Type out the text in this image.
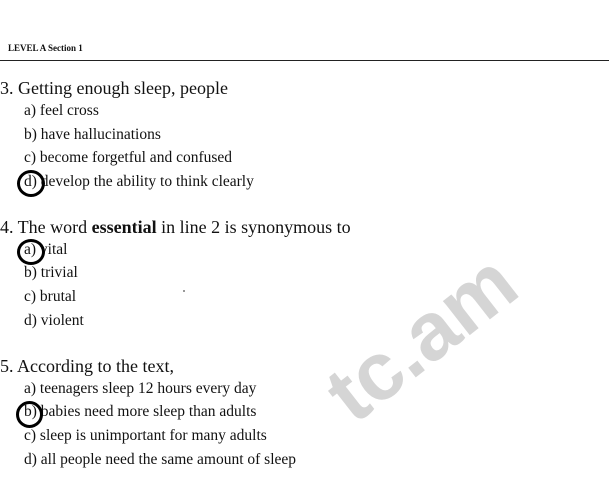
LEVEL A Section 1
3. Getting enough sleep, people
a) feel cross
b) have hallucinations
c) become forgetful and confused
d) develop the ability to think clearly
4. The word essential in line 2 is synonymous to
a) vital
b) trivial
c) brutal
d) violent
5. According to the text,
a) teenagers sleep 12 hours every day
b) babies need more sleep than adults
c) sleep is unimportant for many adults
d) all people need the same amount of sleep
tc.am
